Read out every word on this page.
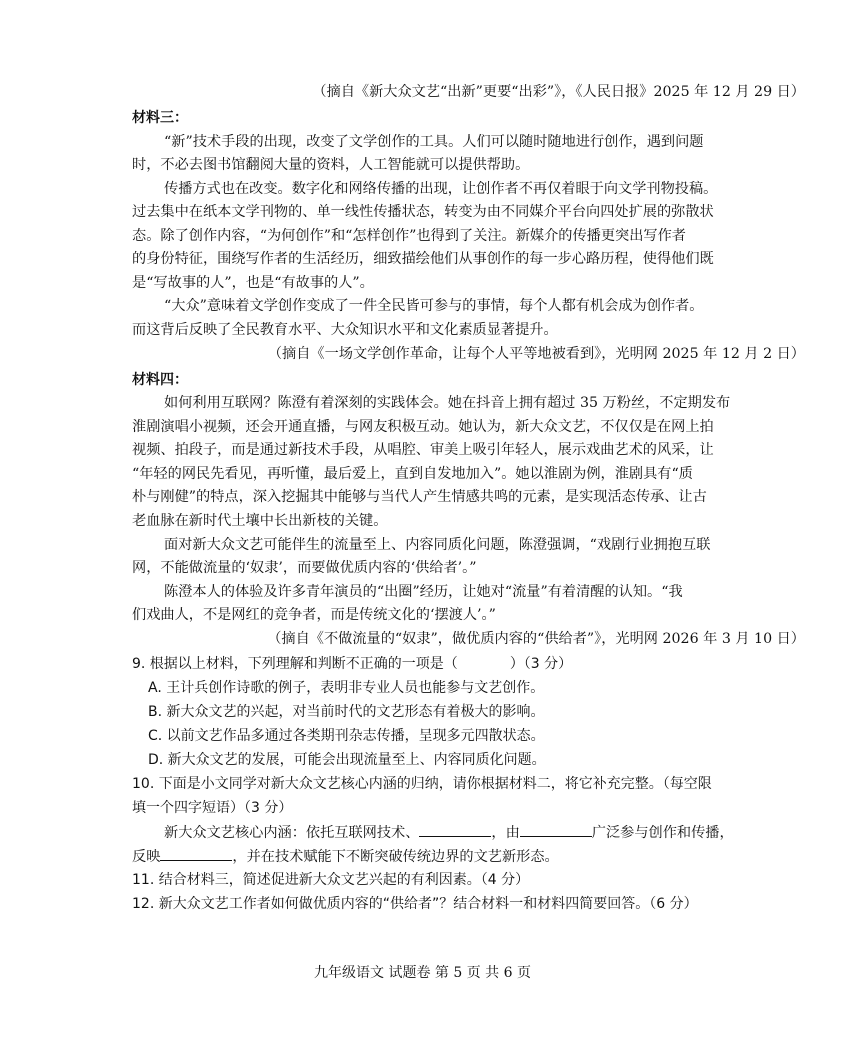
（摘自《新大众文艺“出新”更要“出彩”》，《人民日报》2025 年 12 月 29 日）
材料三：
“新”技术手段的出现，改变了文学创作的工具。人们可以随时随地进行创作，遇到问题
时，不必去图书馆翻阅大量的资料，人工智能就可以提供帮助。
传播方式也在改变。数字化和网络传播的出现，让创作者不再仅着眼于向文学刊物投稿。
过去集中在纸本文学刊物的、单一线性传播状态，转变为由不同媒介平台向四处扩展的弥散状
态。除了创作内容，“为何创作”和“怎样创作”也得到了关注。新媒介的传播更突出写作者
的身份特征，围绕写作者的生活经历，细致描绘他们从事创作的每一步心路历程，使得他们既
是“写故事的人”，也是“有故事的人”。
“大众”意味着文学创作变成了一件全民皆可参与的事情，每个人都有机会成为创作者。
而这背后反映了全民教育水平、大众知识水平和文化素质显著提升。
（摘自《一场文学创作革命，让每个人平等地被看到》，光明网 2025 年 12 月 2 日）
材料四：
如何利用互联网？陈澄有着深刻的实践体会。她在抖音上拥有超过 35 万粉丝，不定期发布
淮剧演唱小视频，还会开通直播，与网友积极互动。她认为，新大众文艺，不仅仅是在网上拍
视频、拍段子，而是通过新技术手段，从唱腔、审美上吸引年轻人，展示戏曲艺术的风采，让
“年轻的网民先看见，再听懂，最后爱上，直到自发地加入”。她以淮剧为例，淮剧具有“质
朴与刚健”的特点，深入挖掘其中能够与当代人产生情感共鸣的元素，是实现活态传承、让古
老血脉在新时代土壤中长出新枝的关键。
面对新大众文艺可能伴生的流量至上、内容同质化问题，陈澄强调，“戏剧行业拥抱互联
网，不能做流量的‘奴隶’，而要做优质内容的‘供给者’。”
陈澄本人的体验及许多青年演员的“出圈”经历，让她对“流量”有着清醒的认知。“我
们戏曲人，不是网红的竞争者，而是传统文化的‘摆渡人’。”
（摘自《不做流量的“奴隶”，做优质内容的“供给者”》，光明网 2026 年 3 月 10 日）
9. 根据以上材料，下列理解和判断不正确的一项是（	）（3 分）
A. 王计兵创作诗歌的例子，表明非专业人员也能参与文艺创作。
B. 新大众文艺的兴起，对当前时代的文艺形态有着极大的影响。
C. 以前文艺作品多通过各类期刊杂志传播，呈现多元四散状态。
D. 新大众文艺的发展，可能会出现流量至上、内容同质化问题。
10. 下面是小文同学对新大众文艺核心内涵的归纳，请你根据材料二，将它补充完整。（每空限
填一个四字短语）（3 分）
新大众文艺核心内涵：依托互联网技术、	，由	广泛参与创作和传播，
反映	，并在技术赋能下不断突破传统边界的文艺新形态。
11. 结合材料三，简述促进新大众文艺兴起的有利因素。（4 分）
12. 新大众文艺工作者如何做优质内容的“供给者”？结合材料一和材料四简要回答。（6 分）
九年级语文 试题卷 第 5 页 共 6 页
